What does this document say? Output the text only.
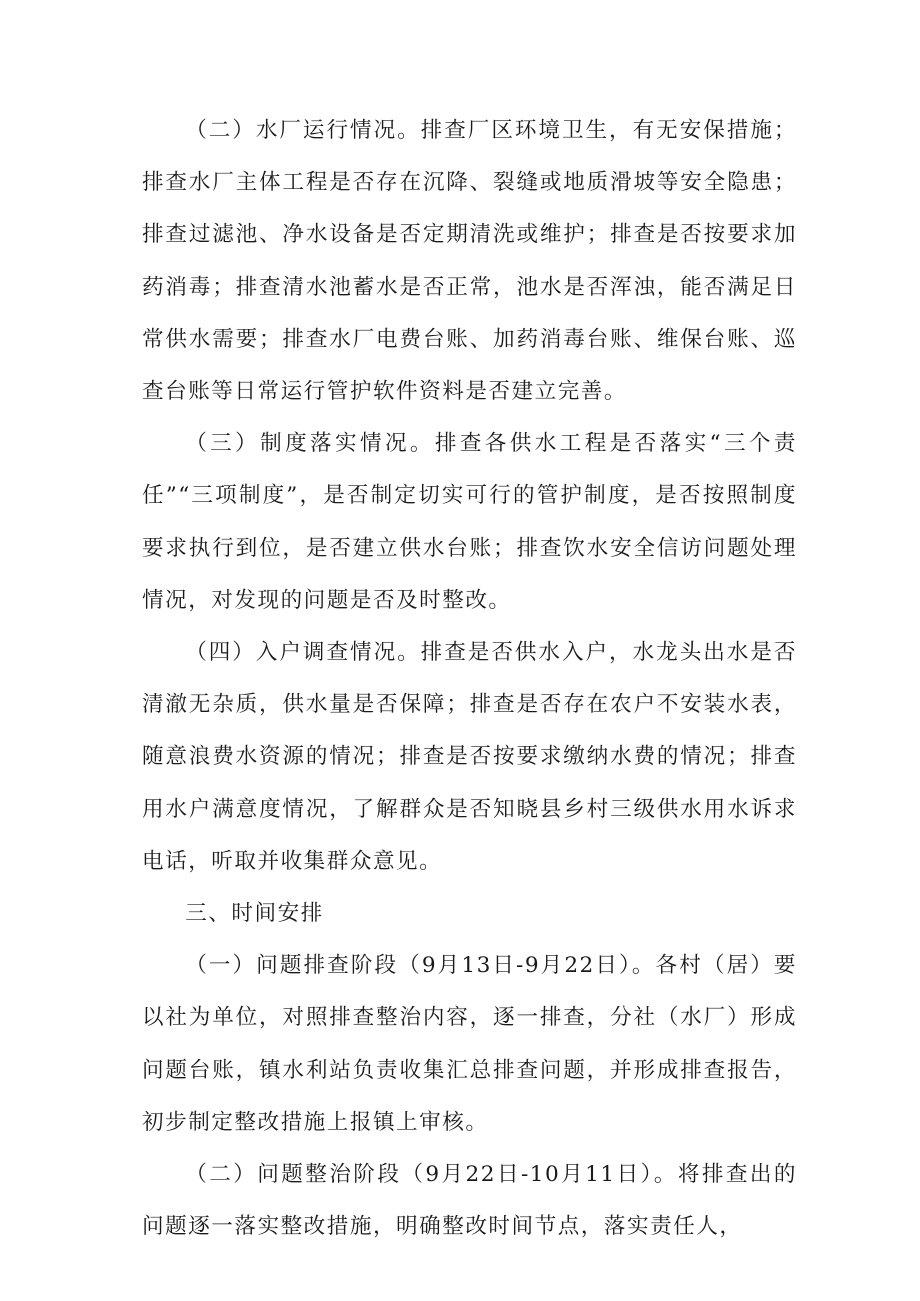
（二）水厂运行情况。排查厂区环境卫生，有无安保措施；排查水厂主体工程是否存在沉降、裂缝或地质滑坡等安全隐患；排查过滤池、净水设备是否定期清洗或维护；排查是否按要求加药消毒；排查清水池蓄水是否正常，池水是否浑浊，能否满足日常供水需要；排查水厂电费台账、加药消毒台账、维保台账、巡查台账等日常运行管护软件资料是否建立完善。

（三）制度落实情况。排查各供水工程是否落实“三个责任”“三项制度”，是否制定切实可行的管护制度，是否按照制度要求执行到位，是否建立供水台账；排查饮水安全信访问题处理情况，对发现的问题是否及时整改。

（四）入户调查情况。排查是否供水入户，水龙头出水是否清澈无杂质，供水量是否保障；排查是否存在农户不安装水表，随意浪费水资源的情况；排查是否按要求缴纳水费的情况；排查用水户满意度情况，了解群众是否知晓县乡村三级供水用水诉求电话，听取并收集群众意见。

三、时间安排

（一）问题排查阶段（9月13日-9月22日）。各村（居）要以社为单位，对照排查整治内容，逐一排查，分社（水厂）形成问题台账，镇水利站负责收集汇总排查问题，并形成排查报告，初步制定整改措施上报镇上审核。

（二）问题整治阶段（9月22日-10月11日）。将排查出的问题逐一落实整改措施，明确整改时间节点，落实责任人，
